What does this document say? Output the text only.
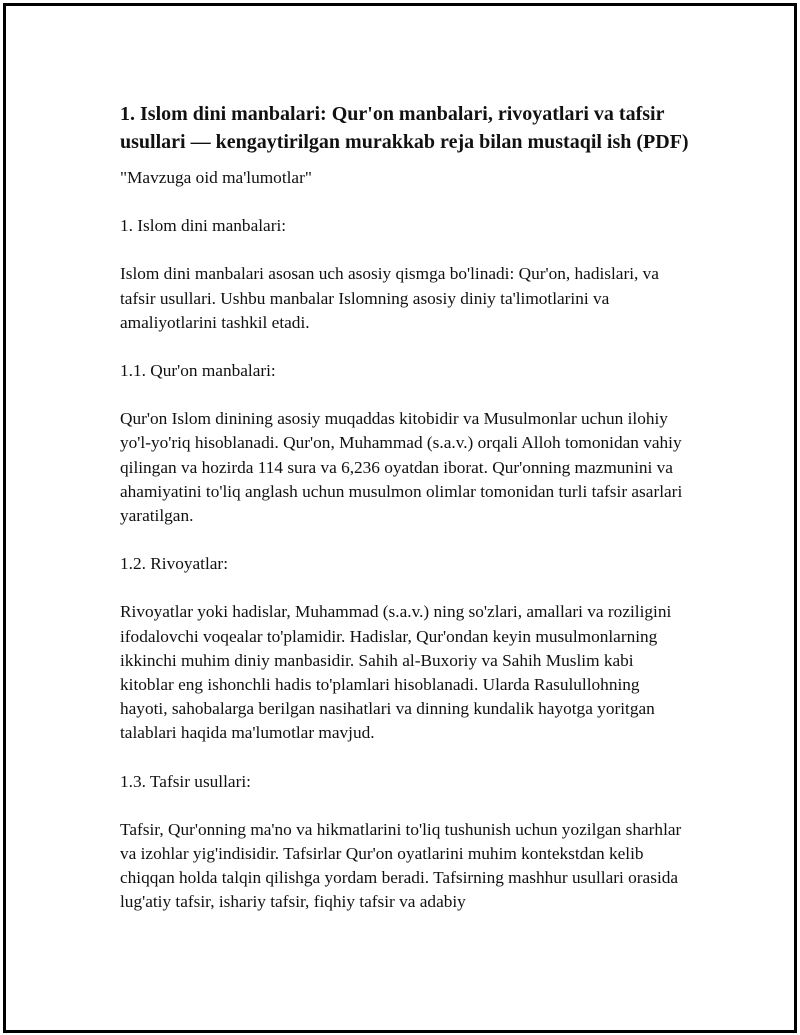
1. Islom dini manbalari: Qur'on manbalari, rivoyatlari va tafsir usullari — kengaytirilgan murakkab reja bilan mustaqil ish (PDF)
"Mavzuga oid ma'lumotlar"
1. Islom dini manbalari:
Islom dini manbalari asosan uch asosiy qismga bo'linadi: Qur'on, hadislari, va tafsir usullari. Ushbu manbalar Islomning asosiy diniy ta'limotlarini va amaliyotlarini tashkil etadi.
1.1. Qur'on manbalari:
Qur'on Islom dinining asosiy muqaddas kitobidir va Musulmonlar uchun ilohiy yo'l-yo'riq hisoblanadi. Qur'on, Muhammad (s.a.v.) orqali Alloh tomonidan vahiy qilingan va hozirda 114 sura va 6,236 oyatdan iborat. Qur'onning mazmunini va ahamiyatini to'liq anglash uchun musulmon olimlar tomonidan turli tafsir asarlari yaratilgan.
1.2. Rivoyatlar:
Rivoyatlar yoki hadislar, Muhammad (s.a.v.) ning so'zlari, amallari va roziligini ifodalovchi voqealar to'plamidir. Hadislar, Qur'ondan keyin musulmonlarning ikkinchi muhim diniy manbasidir. Sahih al-Buxoriy va Sahih Muslim kabi kitoblar eng ishonchli hadis to'plamlari hisoblanadi. Ularda Rasulullohning hayoti, sahobalarga berilgan nasihatlari va dinning kundalik hayotga yoritgan talablari haqida ma'lumotlar mavjud.
1.3. Tafsir usullari:
Tafsir, Qur'onning ma'no va hikmatlarini to'liq tushunish uchun yozilgan sharhlar va izohlar yig'indisidir. Tafsirlar Qur'on oyatlarini muhim kontekstdan kelib chiqqan holda talqin qilishga yordam beradi. Tafsirning mashhur usullari orasida lug'atiy tafsir, ishariy tafsir, fiqhiy tafsir va adabiy
